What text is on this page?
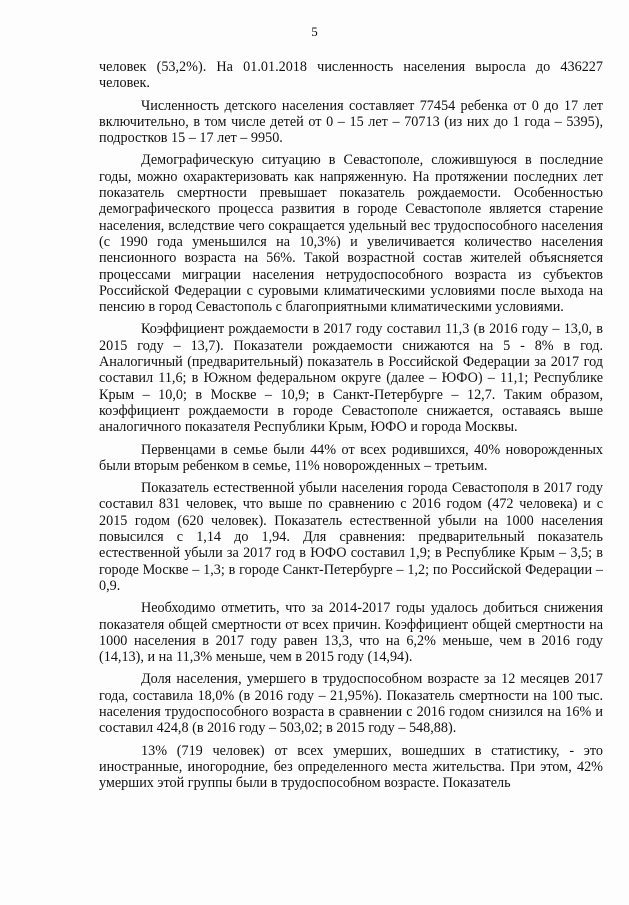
5

человек (53,2%). На 01.01.2018 численность населения выросла до 436227 человек.

Численность детского населения составляет 77454 ребенка от 0 до 17 лет включительно, в том числе детей от 0 – 15 лет – 70713 (из них до 1 года – 5395), подростков 15 – 17 лет – 9950.

Демографическую ситуацию в Севастополе, сложившуюся в последние годы, можно охарактеризовать как напряженную. На протяжении последних лет показатель смертности превышает показатель рождаемости. Особенностью демографического процесса развития в городе Севастополе является старение населения, вследствие чего сокращается удельный вес трудоспособного населения (с 1990 года уменьшился на 10,3%) и увеличивается количество населения пенсионного возраста на 56%. Такой возрастной состав жителей объясняется процессами миграции населения нетрудоспособного возраста из субъектов Российской Федерации с суровыми климатическими условиями после выхода на пенсию в город Севастополь с благоприятными климатическими условиями.

Коэффициент рождаемости в 2017 году составил 11,3 (в 2016 году – 13,0, в 2015 году – 13,7). Показатели рождаемости снижаются на 5 - 8% в год. Аналогичный (предварительный) показатель в Российской Федерации за 2017 год составил 11,6; в Южном федеральном округе (далее – ЮФО) – 11,1; Республике Крым – 10,0; в Москве – 10,9; в Санкт-Петербурге – 12,7. Таким образом, коэффициент рождаемости в городе Севастополе снижается, оставаясь выше аналогичного показателя Республики Крым, ЮФО и города Москвы.

Первенцами в семье были 44% от всех родившихся, 40% новорожденных были вторым ребенком в семье, 11% новорожденных – третьим.

Показатель естественной убыли населения города Севастополя в 2017 году составил 831 человек, что выше по сравнению с 2016 годом (472 человека) и с 2015 годом (620 человек). Показатель естественной убыли на 1000 населения повысился с 1,14 до 1,94. Для сравнения: предварительный показатель естественной убыли за 2017 год в ЮФО составил 1,9; в Республике Крым – 3,5; в городе Москве – 1,3; в городе Санкт-Петербурге – 1,2; по Российской Федерации – 0,9.

Необходимо отметить, что за 2014-2017 годы удалось добиться снижения показателя общей смертности от всех причин. Коэффициент общей смертности на 1000 населения в 2017 году равен 13,3, что на 6,2% меньше, чем в 2016 году (14,13), и на 11,3% меньше, чем в 2015 году (14,94).

Доля населения, умершего в трудоспособном возрасте за 12 месяцев 2017 года, составила 18,0% (в 2016 году – 21,95%). Показатель смертности на 100 тыс. населения трудоспособного возраста в сравнении с 2016 годом снизился на 16% и составил 424,8 (в 2016 году – 503,02; в 2015 году – 548,88).

13% (719 человек) от всех умерших, вошедших в статистику, - это иностранные, иногородние, без определенного места жительства. При этом, 42% умерших этой группы были в трудоспособном возрасте. Показатель
